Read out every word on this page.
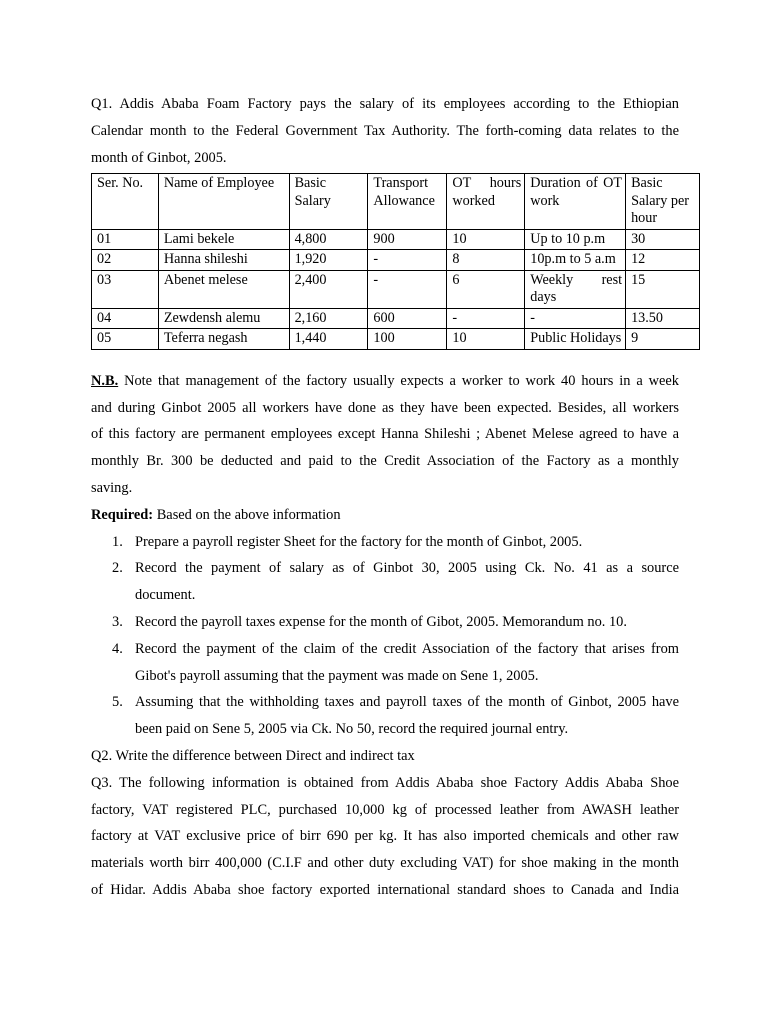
Q1. Addis Ababa Foam Factory pays the salary of its employees according to the Ethiopian
Calendar month to the Federal Government Tax Authority. The forth-coming data relates to the
month of Ginbot, 2005.

Ser. No.	Name of Employee	Basic Salary	Transport Allowance	OT hours worked	Duration of OT work	Basic Salary per hour
01	Lami bekele	4,800	900	10	Up to 10 p.m	30
02	Hanna shileshi	1,920	-	8	10p.m to 5 a.m	12
03	Abenet melese	2,400	-	6	Weekly rest days	15
04	Zewdensh alemu	2,160	600	-	-	13.50
05	Teferra negash	1,440	100	10	Public Holidays	9

N.B. Note that management of the factory usually expects a worker to work 40 hours in a week
and during Ginbot 2005 all workers have done as they have been expected. Besides, all workers
of this factory are permanent employees except Hanna Shileshi ; Abenet Melese agreed to have a
monthly Br. 300 be deducted and paid to the Credit Association of the Factory as a monthly
saving.

Required: Based on the above information

1. Prepare a payroll register Sheet for the factory for the month of Ginbot, 2005.
2. Record the payment of salary as of Ginbot 30, 2005 using Ck. No. 41 as a source
document.
3. Record the payroll taxes expense for the month of Gibot, 2005. Memorandum no. 10.
4. Record the payment of the claim of the credit Association of the factory that arises from
Gibot's payroll assuming that the payment was made on Sene 1, 2005.
5. Assuming that the withholding taxes and payroll taxes of the month of Ginbot, 2005 have
been paid on Sene 5, 2005 via Ck. No 50, record the required journal entry.

Q2. Write the difference between Direct and indirect tax

Q3. The following information is obtained from Addis Ababa shoe Factory Addis Ababa Shoe
factory, VAT registered PLC, purchased 10,000 kg of processed leather from AWASH leather
factory at VAT exclusive price of birr 690 per kg. It has also imported chemicals and other raw
materials worth birr 400,000 (C.I.F and other duty excluding VAT) for shoe making in the month
of Hidar. Addis Ababa shoe factory exported international standard shoes to Canada and India
